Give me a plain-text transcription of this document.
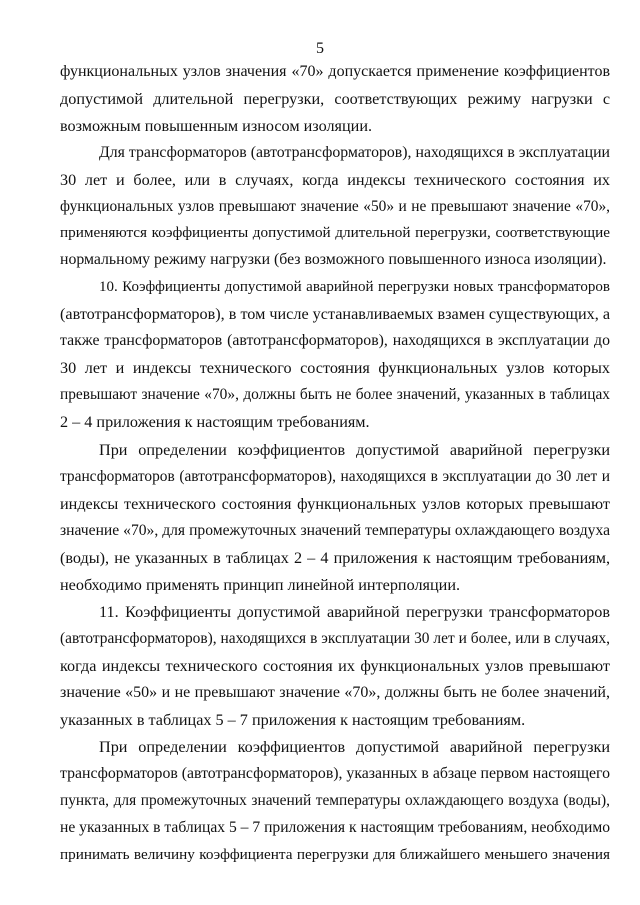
5
функциональных узлов значения «70» допускается применение коэффициентов
допустимой длительной перегрузки, соответствующих режиму нагрузки с
возможным повышенным износом изоляции.
Для трансформаторов (автотрансформаторов), находящихся в эксплуатации
30 лет и более, или в случаях, когда индексы технического состояния их
функциональных узлов превышают значение «50» и не превышают значение «70»,
применяются коэффициенты допустимой длительной перегрузки, соответствующие
нормальному режиму нагрузки (без возможного повышенного износа изоляции).
10. Коэффициенты допустимой аварийной перегрузки новых трансформаторов
(автотрансформаторов), в том числе устанавливаемых взамен существующих, а
также трансформаторов (автотрансформаторов), находящихся в эксплуатации до
30 лет и индексы технического состояния функциональных узлов которых
превышают значение «70», должны быть не более значений, указанных в таблицах
2 – 4 приложения к настоящим требованиям.
При определении коэффициентов допустимой аварийной перегрузки
трансформаторов (автотрансформаторов), находящихся в эксплуатации до 30 лет и
индексы технического состояния функциональных узлов которых превышают
значение «70», для промежуточных значений температуры охлаждающего воздуха
(воды), не указанных в таблицах 2 – 4 приложения к настоящим требованиям,
необходимо применять принцип линейной интерполяции.
11. Коэффициенты допустимой аварийной перегрузки трансформаторов
(автотрансформаторов), находящихся в эксплуатации 30 лет и более, или в случаях,
когда индексы технического состояния их функциональных узлов превышают
значение «50» и не превышают значение «70», должны быть не более значений,
указанных в таблицах 5 – 7 приложения к настоящим требованиям.
При определении коэффициентов допустимой аварийной перегрузки
трансформаторов (автотрансформаторов), указанных в абзаце первом настоящего
пункта, для промежуточных значений температуры охлаждающего воздуха (воды),
не указанных в таблицах 5 – 7 приложения к настоящим требованиям, необходимо
принимать величину коэффициента перегрузки для ближайшего меньшего значения
